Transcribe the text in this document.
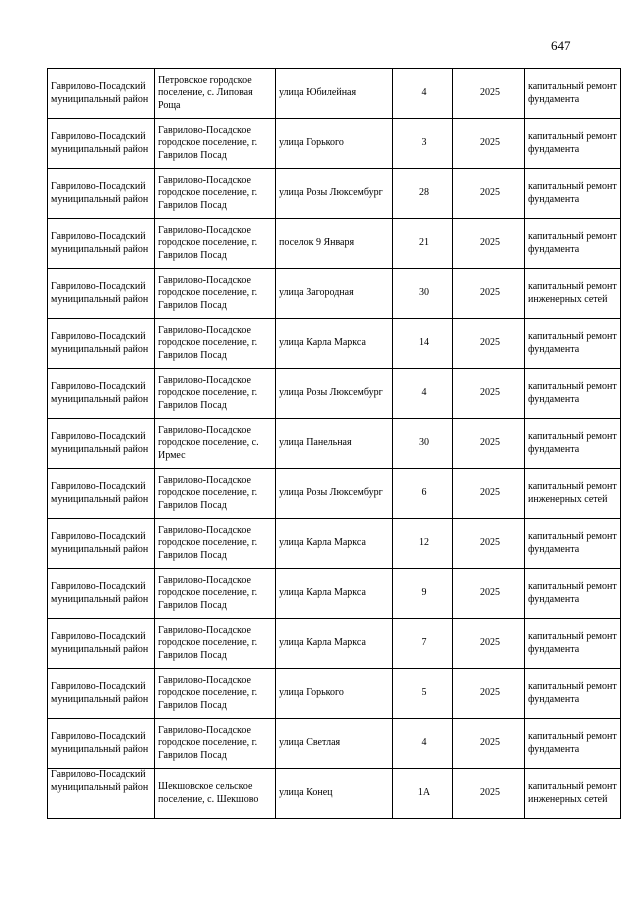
647
Гаврилово-Посадский муниципальный район	Петровское городское поселение, с. Липовая Роща	улица Юбилейная	4	2025	капитальный ремонт фундамента
Гаврилово-Посадский муниципальный район	Гаврилово-Посадское городское поселение, г. Гаврилов Посад	улица Горького	3	2025	капитальный ремонт фундамента
Гаврилово-Посадский муниципальный район	Гаврилово-Посадское городское поселение, г. Гаврилов Посад	улица Розы Люксембург	28	2025	капитальный ремонт фундамента
Гаврилово-Посадский муниципальный район	Гаврилово-Посадское городское поселение, г. Гаврилов Посад	поселок 9 Января	21	2025	капитальный ремонт фундамента
Гаврилово-Посадский муниципальный район	Гаврилово-Посадское городское поселение, г. Гаврилов Посад	улица Загородная	30	2025	капитальный ремонт инженерных сетей
Гаврилово-Посадский муниципальный район	Гаврилово-Посадское городское поселение, г. Гаврилов Посад	улица Карла Маркса	14	2025	капитальный ремонт фундамента
Гаврилово-Посадский муниципальный район	Гаврилово-Посадское городское поселение, г. Гаврилов Посад	улица Розы Люксембург	4	2025	капитальный ремонт фундамента
Гаврилово-Посадский муниципальный район	Гаврилово-Посадское городское поселение, с. Ирмес	улица Панельная	30	2025	капитальный ремонт фундамента
Гаврилово-Посадский муниципальный район	Гаврилово-Посадское городское поселение, г. Гаврилов Посад	улица Розы Люксембург	6	2025	капитальный ремонт инженерных сетей
Гаврилово-Посадский муниципальный район	Гаврилово-Посадское городское поселение, г. Гаврилов Посад	улица Карла Маркса	12	2025	капитальный ремонт фундамента
Гаврилово-Посадский муниципальный район	Гаврилово-Посадское городское поселение, г. Гаврилов Посад	улица Карла Маркса	9	2025	капитальный ремонт фундамента
Гаврилово-Посадский муниципальный район	Гаврилово-Посадское городское поселение, г. Гаврилов Посад	улица Карла Маркса	7	2025	капитальный ремонт фундамента
Гаврилово-Посадский муниципальный район	Гаврилово-Посадское городское поселение, г. Гаврилов Посад	улица Горького	5	2025	капитальный ремонт фундамента
Гаврилово-Посадский муниципальный район	Гаврилово-Посадское городское поселение, г. Гаврилов Посад	улица Светлая	4	2025	капитальный ремонт фундамента
Гаврилово-Посадский муниципальный район	Шекшовское сельское поселение, с. Шекшово	улица Конец	1А	2025	капитальный ремонт инженерных сетей
